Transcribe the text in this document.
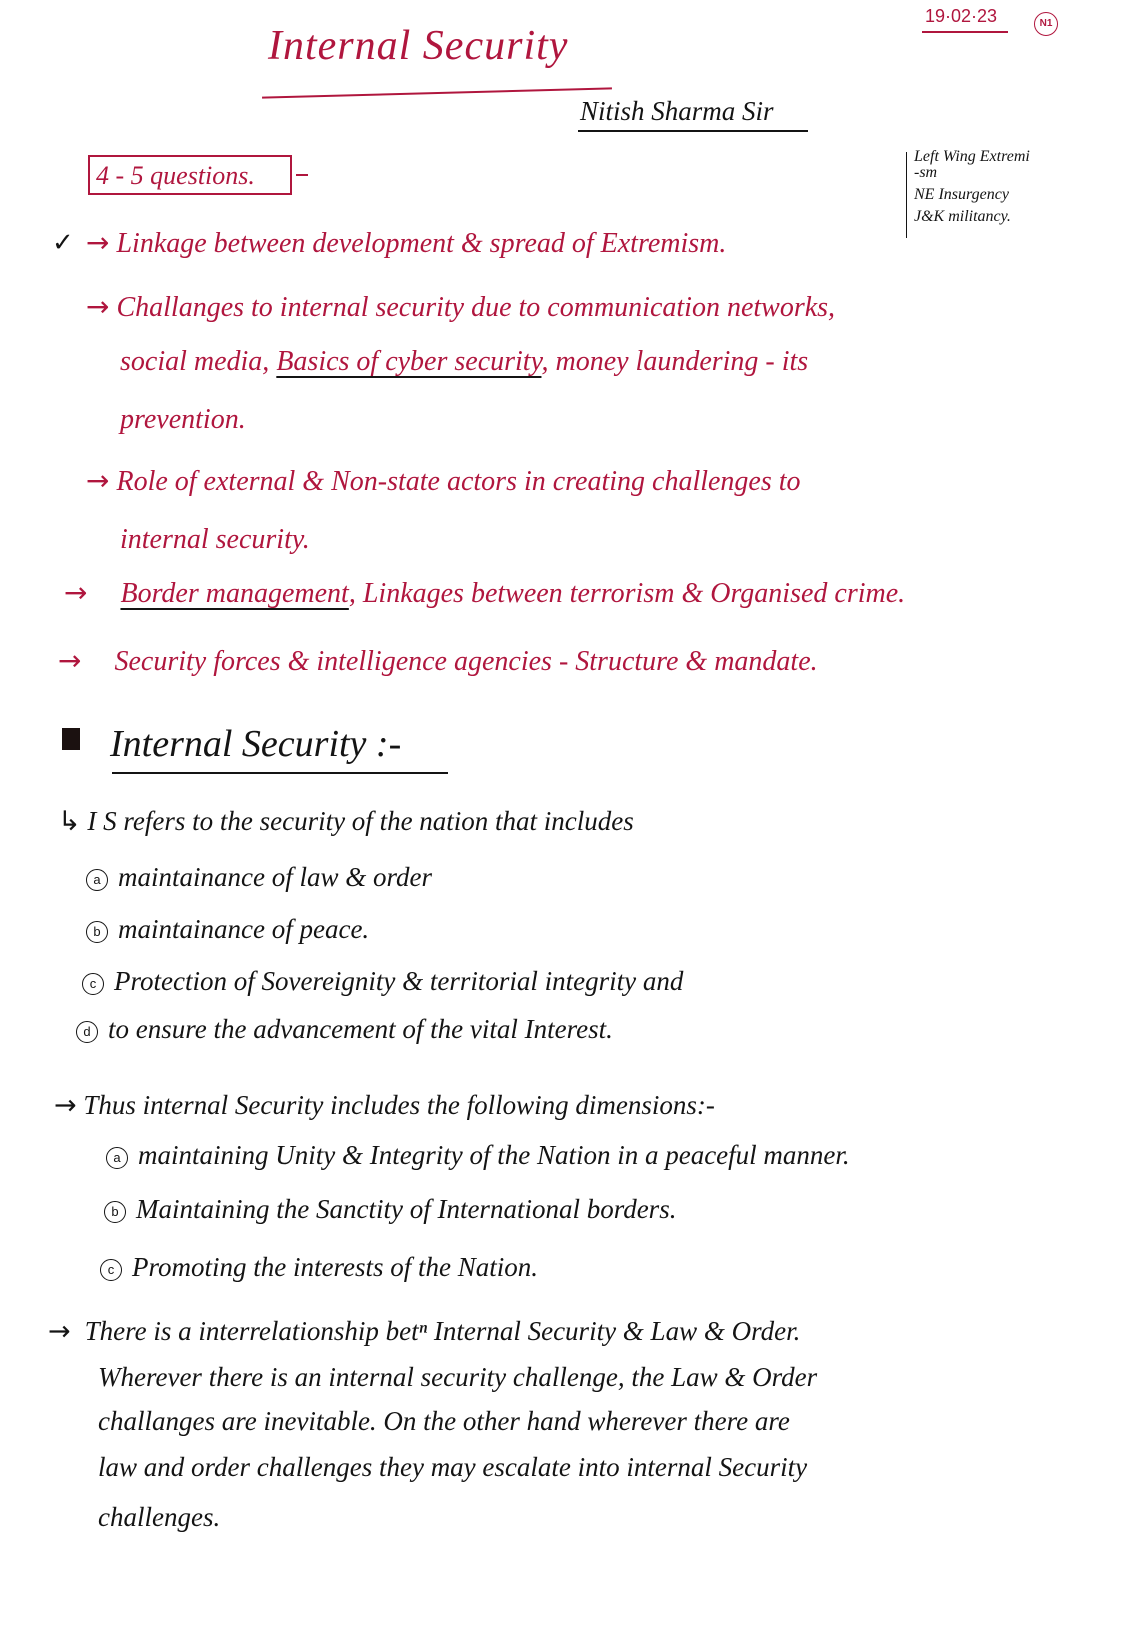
19·02·23	N1
Internal Security
Nitish Sharma Sir
4 - 5 questions.
Left Wing Extremi
-sm
NE Insurgency
J&K militancy.
✓ → Linkage between development & spread of Extremism.
→ Challanges to internal security due to communication networks,
social media, Basics of cyber security, money laundering - its
prevention.
→ Role of external & Non-state actors in creating challenges to
internal security.
→ Border management, Linkages between terrorism & Organised crime.
→ Security forces & intelligence agencies - Structure & mandate.
Internal Security :-
↳ I S refers to the security of the nation that includes
a maintainance of law & order
b maintainance of peace.
c Protection of Sovereignity & territorial integrity and
d to ensure the advancement of the vital Interest.
→ Thus internal Security includes the following dimensions:-
a maintaining Unity & Integrity of the Nation in a peaceful manner.
b Maintaining the Sanctity of International borders.
c Promoting the interests of the Nation.
→ There is a interrelationship betⁿ Internal Security & Law & Order.
Wherever there is an internal security challenge, the Law & Order
challanges are inevitable. On the other hand wherever there are
law and order challenges they may escalate into internal Security
challenges.
